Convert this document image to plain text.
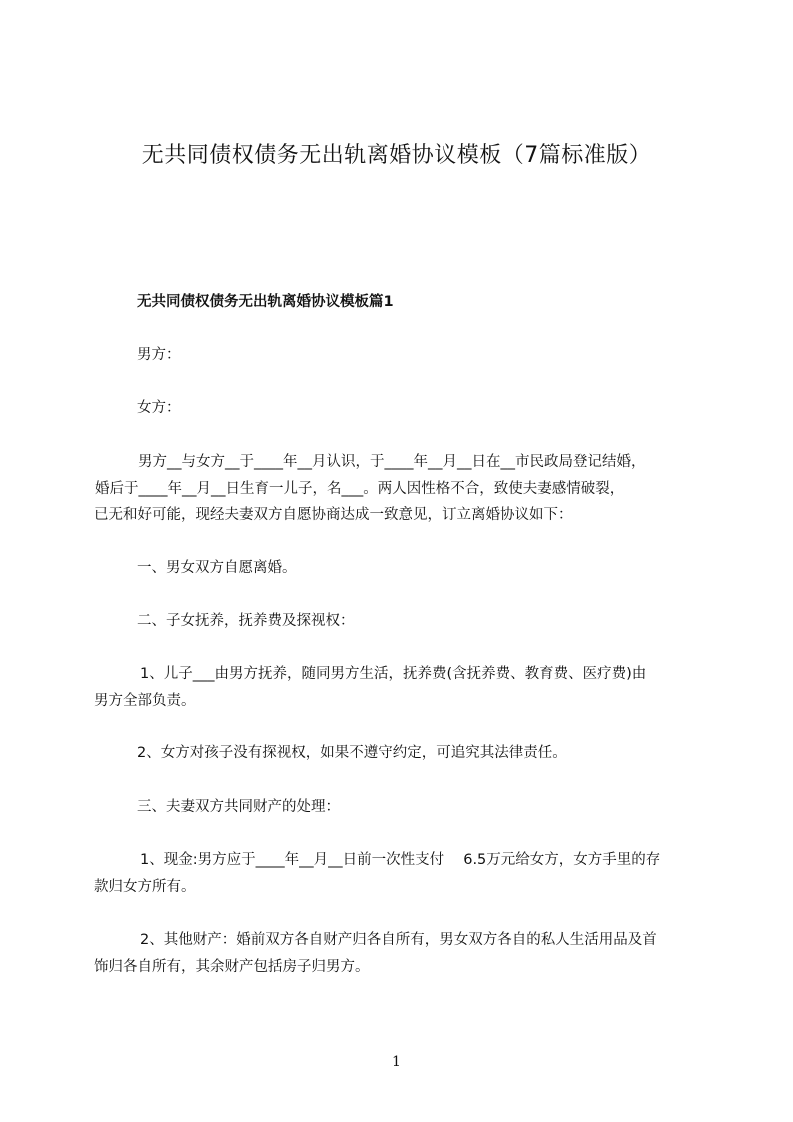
无共同债权债务无出轨离婚协议模板（7篇标准版）
无共同债权债务无出轨离婚协议模板篇1
男方：
女方：
男方__与女方__于____年__月认识，于____年__月__日在__市民政局登记结婚，
婚后于____年__月__日生育一儿子，名___。两人因性格不合，致使夫妻感情破裂，
已无和好可能，现经夫妻双方自愿协商达成一致意见，订立离婚协议如下：
一、男女双方自愿离婚。
二、子女抚养，抚养费及探视权：
1、儿子___由男方抚养，随同男方生活，抚养费(含抚养费、教育费、医疗费)由
男方全部负责。
2、女方对孩子没有探视权，如果不遵守约定，可追究其法律责任。
三、夫妻双方共同财产的处理：
1、现金:男方应于____年__月__日前一次性支付　 6.5万元给女方，女方手里的存
款归女方所有。
2、其他财产：婚前双方各自财产归各自所有，男女双方各自的私人生活用品及首
饰归各自所有，其余财产包括房子归男方。
1
